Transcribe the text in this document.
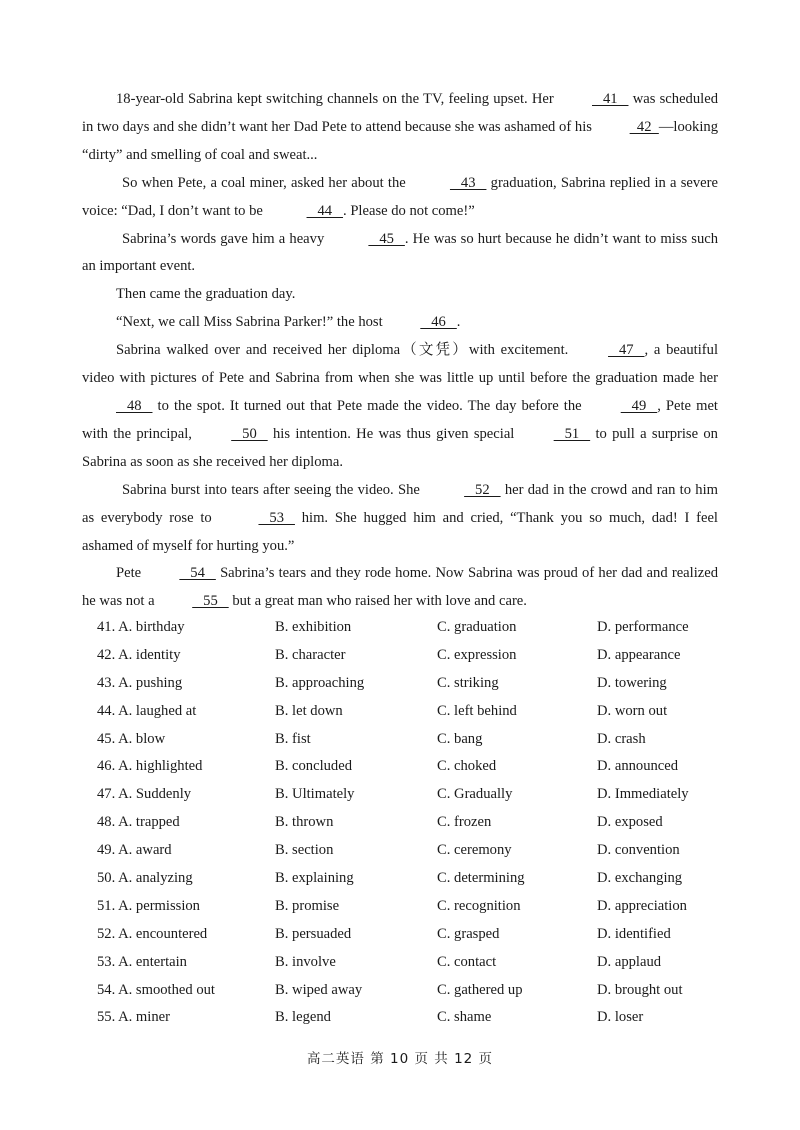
18-year-old Sabrina kept switching channels on the TV, feeling upset. Her    41    was scheduled in two days and she didn’t want her Dad Pete to attend because she was ashamed of his   42  —looking “dirty” and smelling of coal and sweat...

So when Pete, a coal miner, asked her about the	43    graduation, Sabrina replied in a severe voice: “Dad, I don’t want to be	44   . Please do not come!”

Sabrina’s words gave him a heavy	45   . He was so hurt because he didn’t want to miss such an important event.

Then came the graduation day.

“Next, we call Miss Sabrina Parker!” the host    46   .

Sabrina walked over and received her diploma（文凭）with excitement.    47   , a beautiful video with pictures of Pete and Sabrina from when she was little up until before the graduation made her    48    to the spot. It turned out that Pete made the video. The day before the    49   , Pete met with the principal,    50    his intention. He was thus given special    51    to pull a surprise on Sabrina as soon as she received her diploma.

Sabrina burst into tears after seeing the video. She	52    her dad in the crowd and ran to him as everybody rose to	53    him. She hugged him and cried, “Thank you so much, dad! I feel ashamed of myself for hurting you.”

Pete    54    Sabrina’s tears and they rode home. Now Sabrina was proud of her dad and realized he was not a    55    but a great man who raised her with love and care.

41. A. birthday	B. exhibition	C. graduation	D. performance
42. A. identity	B. character	C. expression	D. appearance
43. A. pushing	B. approaching	C. striking	D. towering
44. A. laughed at	B. let down	C. left behind	D. worn out
45. A. blow	B. fist	C. bang	D. crash
46. A. highlighted	B. concluded	C. choked	D. announced
47. A. Suddenly	B. Ultimately	C. Gradually	D. Immediately
48. A. trapped	B. thrown	C. frozen	D. exposed
49. A. award	B. section	C. ceremony	D. convention
50. A. analyzing	B. explaining	C. determining	D. exchanging
51. A. permission	B. promise	C. recognition	D. appreciation
52. A. encountered	B. persuaded	C. grasped	D. identified
53. A. entertain	B. involve	C. contact	D. applaud
54. A. smoothed out	B. wiped away	C. gathered up	D. brought out
55. A. miner	B. legend	C. shame	D. loser
高二英语 第 10 页 共 12 页
